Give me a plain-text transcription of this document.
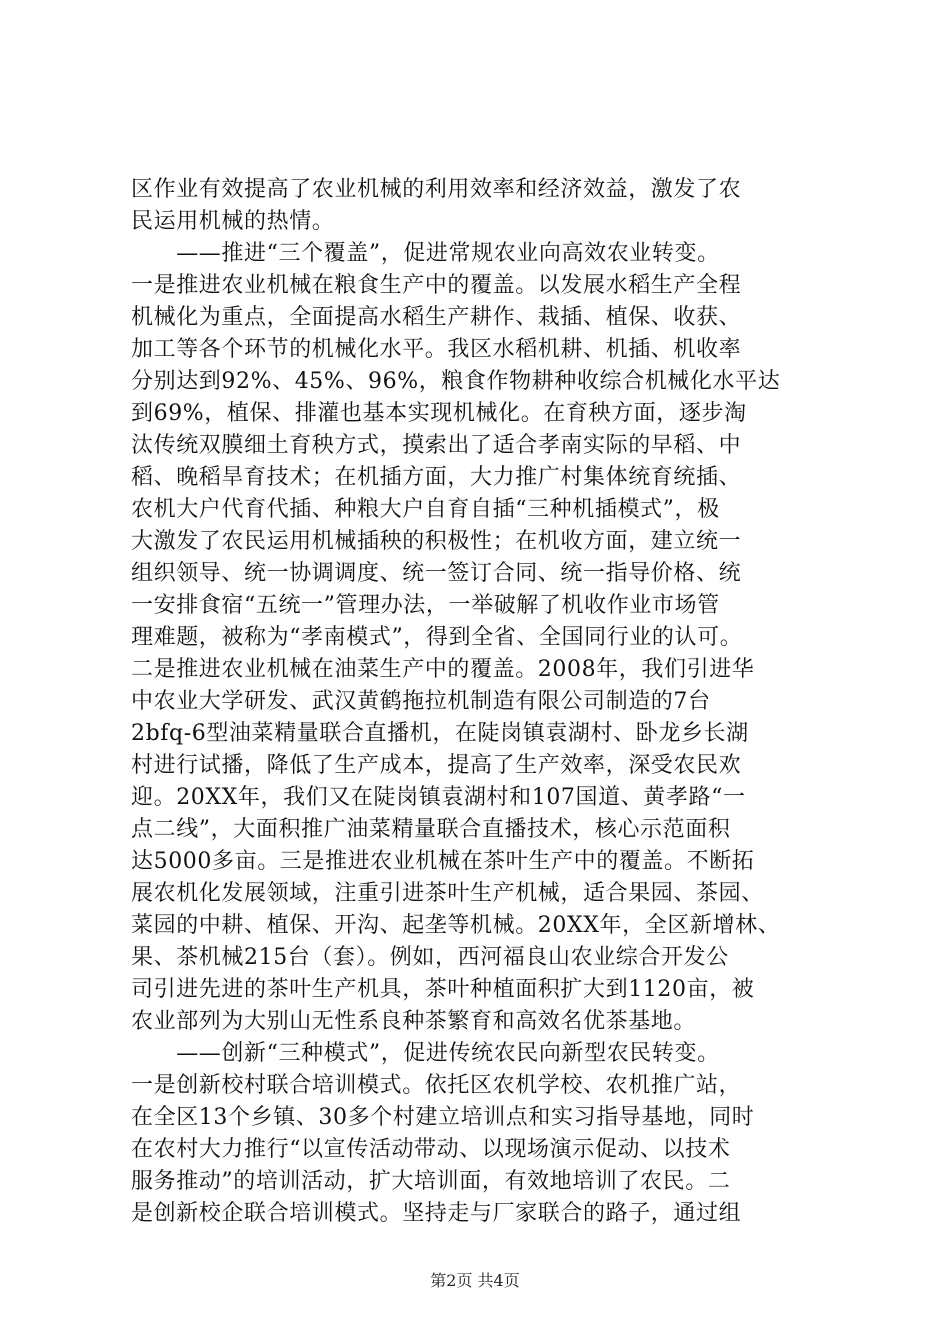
区作业有效提高了农业机械的利用效率和经济效益，激发了农
民运用机械的热情。
　　——推进“三个覆盖”，促进常规农业向高效农业转变。
一是推进农业机械在粮食生产中的覆盖。以发展水稻生产全程
机械化为重点，全面提高水稻生产耕作、栽插、植保、收获、
加工等各个环节的机械化水平。我区水稻机耕、机插、机收率
分别达到92%、45%、96%，粮食作物耕种收综合机械化水平达
到69%，植保、排灌也基本实现机械化。在育秧方面，逐步淘
汰传统双膜细土育秧方式，摸索出了适合孝南实际的早稻、中
稻、晚稻旱育技术；在机插方面，大力推广村集体统育统插、
农机大户代育代插、种粮大户自育自插“三种机插模式”，极
大激发了农民运用机械插秧的积极性；在机收方面，建立统一
组织领导、统一协调调度、统一签订合同、统一指导价格、统
一安排食宿“五统一”管理办法，一举破解了机收作业市场管
理难题，被称为“孝南模式”，得到全省、全国同行业的认可。
二是推进农业机械在油菜生产中的覆盖。2008年，我们引进华
中农业大学研发、武汉黄鹤拖拉机制造有限公司制造的7台
2bfq-6型油菜精量联合直播机，在陡岗镇袁湖村、卧龙乡长湖
村进行试播，降低了生产成本，提高了生产效率，深受农民欢
迎。20XX年，我们又在陡岗镇袁湖村和107国道、黄孝路“一
点二线”，大面积推广油菜精量联合直播技术，核心示范面积
达5000多亩。三是推进农业机械在茶叶生产中的覆盖。不断拓
展农机化发展领域，注重引进茶叶生产机械，适合果园、茶园、
菜园的中耕、植保、开沟、起垄等机械。20XX年，全区新增林、
果、茶机械215台（套）。例如，西河福良山农业综合开发公
司引进先进的茶叶生产机具，茶叶种植面积扩大到1120亩，被
农业部列为大别山无性系良种茶繁育和高效名优茶基地。
　　——创新“三种模式”，促进传统农民向新型农民转变。
一是创新校村联合培训模式。依托区农机学校、农机推广站，
在全区13个乡镇、30多个村建立培训点和实习指导基地，同时
在农村大力推行“以宣传活动带动、以现场演示促动、以技术
服务推动”的培训活动，扩大培训面，有效地培训了农民。二
是创新校企联合培训模式。坚持走与厂家联合的路子，通过组
第2页 共4页
